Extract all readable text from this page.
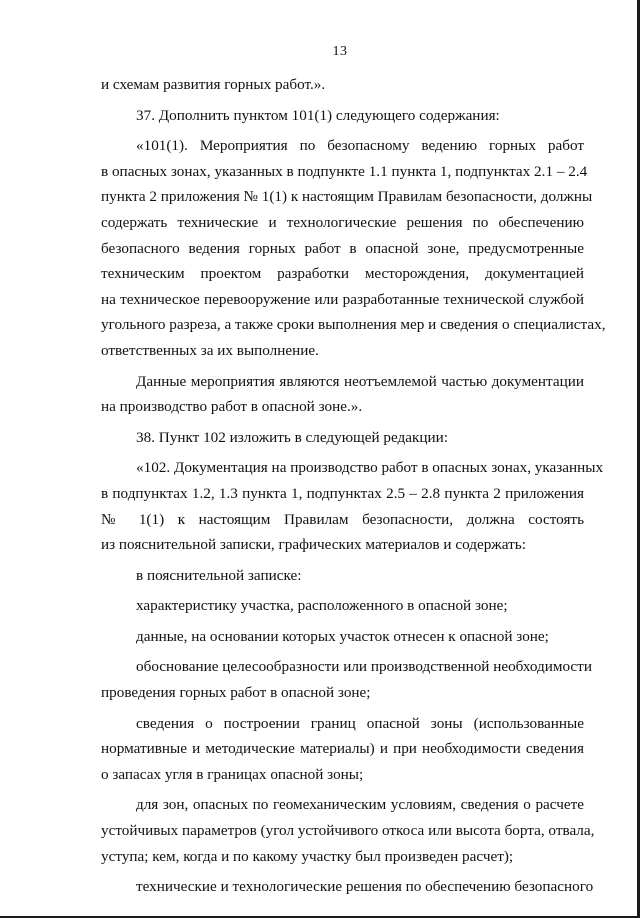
13
и схемам развития горных работ.».
37. Дополнить пунктом 101(1) следующего содержания:
«101(1). Мероприятия по безопасному ведению горных работ
в опасных зонах, указанных в подпункте 1.1 пункта 1, подпунктах 2.1 – 2.4
пункта 2 приложения № 1(1) к настоящим Правилам безопасности, должны
содержать технические и технологические решения по обеспечению
безопасного ведения горных работ в опасной зоне, предусмотренные
техническим проектом разработки месторождения, документацией
на техническое перевооружение или разработанные технической службой
угольного разреза, а также сроки выполнения мер и сведения о специалистах,
ответственных за их выполнение.
Данные мероприятия являются неотъемлемой частью документации
на производство работ в опасной зоне.».
38. Пункт 102 изложить в следующей редакции:
«102. Документация на производство работ в опасных зонах, указанных
в подпунктах 1.2, 1.3 пункта 1, подпунктах 2.5 – 2.8 пункта 2 приложения
№ 1(1) к настоящим Правилам безопасности, должна состоять
из пояснительной записки, графических материалов и содержать:
в пояснительной записке:
характеристику участка, расположенного в опасной зоне;
данные, на основании которых участок отнесен к опасной зоне;
обоснование целесообразности или производственной необходимости
проведения горных работ в опасной зоне;
сведения о построении границ опасной зоны (использованные
нормативные и методические материалы) и при необходимости сведения
о запасах угля в границах опасной зоны;
для зон, опасных по геомеханическим условиям, сведения о расчете
устойчивых параметров (угол устойчивого откоса или высота борта, отвала,
уступа; кем, когда и по какому участку был произведен расчет);
технические и технологические решения по обеспечению безопасного
